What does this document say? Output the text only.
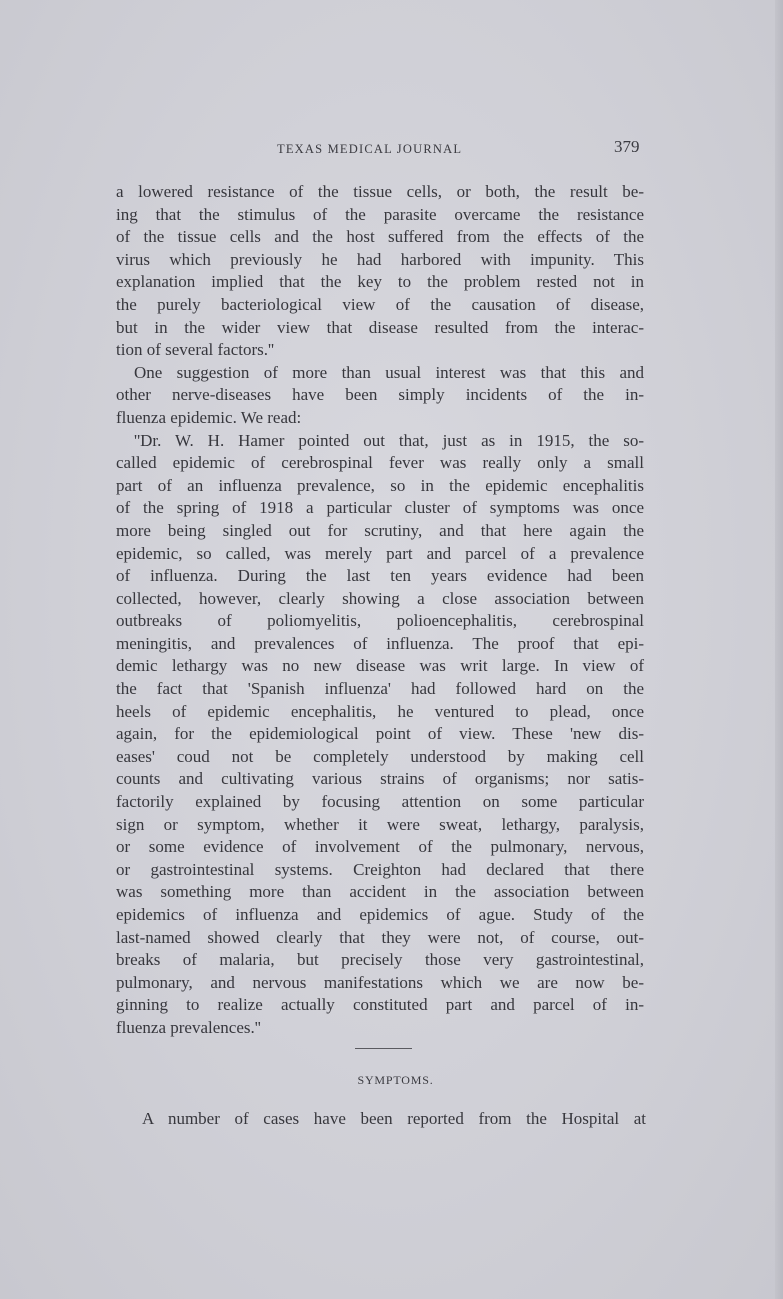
TEXAS MEDICAL JOURNAL	379
a lowered resistance of the tissue cells, or both, the result be-
ing that the stimulus of the parasite overcame the resistance
of the tissue cells and the host suffered from the effects of the
virus which previously he had harbored with impunity. This
explanation implied that the key to the problem rested not in
the purely bacteriological view of the causation of disease,
but in the wider view that disease resulted from the interac-
tion of several factors.''
One suggestion of more than usual interest was that this and
other nerve-diseases have been simply incidents of the in-
fluenza epidemic. We read:
''Dr. W. H. Hamer pointed out that, just as in 1915, the so-
called epidemic of cerebrospinal fever was really only a small
part of an influenza prevalence, so in the epidemic encephalitis
of the spring of 1918 a particular cluster of symptoms was once
more being singled out for scrutiny, and that here again the
epidemic, so called, was merely part and parcel of a prevalence
of influenza. During the last ten years evidence had been
collected, however, clearly showing a close association between
outbreaks of poliomyelitis, polioencephalitis, cerebrospinal
meningitis, and prevalences of influenza. The proof that epi-
demic lethargy was no new disease was writ large. In view of
the fact that 'Spanish influenza' had followed hard on the
heels of epidemic encephalitis, he ventured to plead, once
again, for the epidemiological point of view. These 'new dis-
eases' coud not be completely understood by making cell
counts and cultivating various strains of organisms; nor satis-
factorily explained by focusing attention on some particular
sign or symptom, whether it were sweat, lethargy, paralysis,
or some evidence of involvement of the pulmonary, nervous,
or gastrointestinal systems. Creighton had declared that there
was something more than accident in the association between
epidemics of influenza and epidemics of ague. Study of the
last-named showed clearly that they were not, of course, out-
breaks of malaria, but precisely those very gastrointestinal,
pulmonary, and nervous manifestations which we are now be-
ginning to realize actually constituted part and parcel of in-
fluenza prevalences.''
SYMPTOMS.
A number of cases have been reported from the Hospital at
